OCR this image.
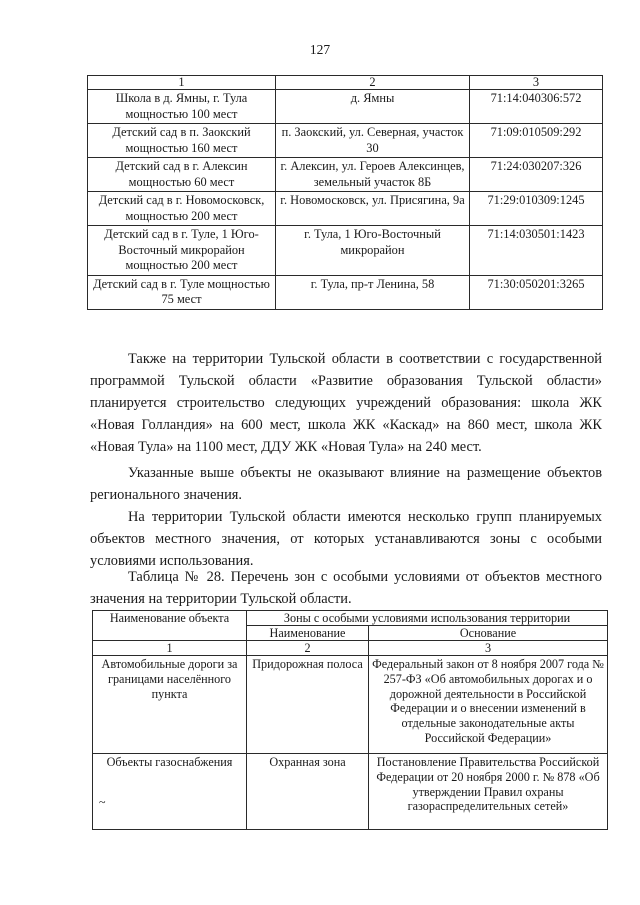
127
1	2	3
Школа в д. Ямны, г. Тула мощностью 100 мест	д. Ямны	71:14:040306:572
Детский сад в п. Заокский мощностью 160 мест	п. Заокский, ул. Северная, участок 30	71:09:010509:292
Детский сад в г. Алексин мощностью 60 мест	г. Алексин, ул. Героев Алексинцев, земельный участок 8Б	71:24:030207:326
Детский сад в г. Новомосковск, мощностью 200 мест	г. Новомосковск, ул. Присягина, 9а	71:29:010309:1245
Детский сад в г. Туле, 1 Юго-Восточный микрорайон мощностью 200 мест	г. Тула, 1 Юго-Восточный микрорайон	71:14:030501:1423
Детский сад в г. Туле мощностью 75 мест	г. Тула, пр-т Ленина, 58	71:30:050201:3265

Также на территории Тульской области в соответствии с государственной программой Тульской области «Развитие образования Тульской области» планируется строительство следующих учреждений образования: школа ЖК «Новая Голландия» на 600 мест, школа ЖК «Каскад» на 860 мест, школа ЖК «Новая Тула» на 1100 мест, ДДУ ЖК «Новая Тула» на 240 мест.

Указанные выше объекты не оказывают влияние на размещение объектов регионального значения.

На территории Тульской области имеются несколько групп планируемых объектов местного значения, от которых устанавливаются зоны с особыми условиями использования.

Таблица № 28. Перечень зон с особыми условиями от объектов местного значения на территории Тульской области.

Наименование объекта	Зоны с особыми условиями использования территории	
	Наименование	Основание
1	2	3
Автомобильные дороги за границами населённого пункта	Придорожная полоса	Федеральный закон от 8 ноября 2007 года № 257-ФЗ «Об автомобильных дорогах и о дорожной деятельности в Российской Федерации и о внесении изменений в отдельные законодательные акты Российской Федерации»
Объекты газоснабжения	Охранная зона	Постановление Правительства Российской Федерации от 20 ноября 2000 г. № 878 «Об утверждении Правил охраны газораспределительных сетей»
~
